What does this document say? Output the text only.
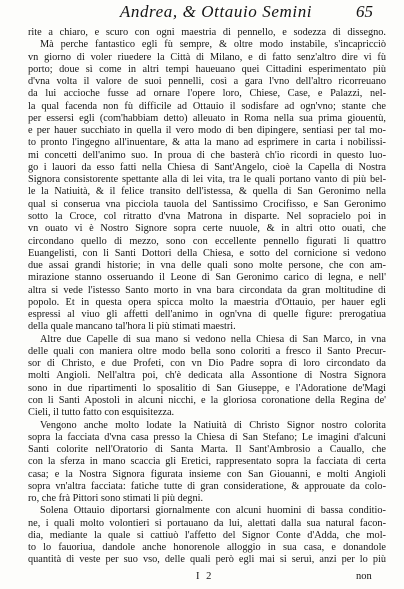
Andrea, & Ottauio Semini	65
rite a chiaro, e scuro con ogni maestria di pennello, e sodezza di dissegno.
Mà perche fantastico egli fù sempre, & oltre modo instabile, s'incapricciò
vn giorno di voler riuedere la Città di Milano, e di fatto senz'altro dire vi fù
porto; doue sì come in altri tempi haueuano quei Cittadini esperimentato più
d'vna volta il valore de suoi pennelli, così a gara l'vno dell'altro ricorreuano
da lui accioche fusse ad ornare l'opere loro, Chiese, Case, e Palazzi, nel-
la qual facenda non fù difficile ad Ottauio il sodisfare ad ogn'vno; stante che
per essersi egli (com'habbiam detto) alleuato in Roma nella sua prima giouentù,
e per hauer succhiato in quella il vero modo di ben dipingere, sentiasi per tal mo-
to pronto l'ingegno all'inuentare, & atta la mano ad esprimere in carta i nobilissi-
mi concetti dell'animo suo. In proua di che basterà ch'io ricordi in questo luo-
go i lauori da esso fatti nella Chiesa di Sant'Angelo, cioè la Capella di Nostra
Signora consistorente spettante alla di lei vita, tra le quali portano vanto di più bel-
le la Natiuità, & il felice transito dell'istessa, & quella di San Geronimo nella
qual si conserua vna picciola tauola del Santissimo Crocifisso, e San Geronimo
sotto la Croce, col ritratto d'vna Matrona in disparte. Nel sopracielo poi in
vn ouato vi è Nostro Signore sopra certe nuuole, & in altri otto ouati, che
circondano quello di mezzo, sono con eccellente pennello figurati li quattro
Euangelisti, con li Santi Dottori della Chiesa, e sotto del cornicione si vedono
due assai grandi historie; in vna delle quali sono molte persone, che con am-
mirazione stanno osseruando il Leone di San Geronimo carico di legna, e nell'
altra si vede l'istesso Santo morto in vna bara circondata da gran moltitudine di
popolo. Et in questa opera spicca molto la maestria d'Ottauio, per hauer egli
espressi al viuo gli affetti dell'animo in ogn'vna di quelle figure: prerogatiua
della quale mancano tal'hora li più stimati maestri.
Altre due Capelle di sua mano si vedono nella Chiesa di San Marco, in vna
delle quali con maniera oltre modo bella sono coloriti a fresco il Santo Precur-
sor di Christo, e due Profeti, con vn Dio Padre sopra di loro circondato da
molti Angioli. Nell'altra poi, ch'è dedicata alla Assontione di Nostra Signora
sono in due ripartimenti lo sposalitio di San Giuseppe, e l'Adoratione de'Magi
con li Santi Apostoli in alcuni nicchi, e la gloriosa coronatione della Regina de'
Cieli, il tutto fatto con esquisitezza.
Vengono anche molto lodate la Natiuità di Christo Signor nostro colorita
sopra la facciata d'vna casa presso la Chiesa di San Stefano; Le imagini d'alcuni
Santi colorite nell'Oratorio di Santa Marta. Il Sant'Ambrosio a Cauallo, che
con la sferza in mano scaccia gli Eretici, rappresentato sopra la facciata di certa
casa; e la Nostra Signora figurata insieme con San Giouanni, e molti Angioli
sopra vn'altra facciata: fatiche tutte di gran consideratione, & approuate da colo-
ro, che frà Pittori sono stimati li più degni.
Solena Ottauio diportarsi giornalmente con alcuni huomini di bassa conditio-
ne, i quali molto volontieri si portauano da lui, alettati dalla sua natural facon-
dia, mediante la quale si cattiuò l'affetto del Signor Conte d'Adda, che mol-
to lo fauoriua, dandole anche honorenole alloggio in sua casa, e donandole
quantità di veste per suo vso, delle quali però egli mai si seruì, anzi per lo più
I 2	non
